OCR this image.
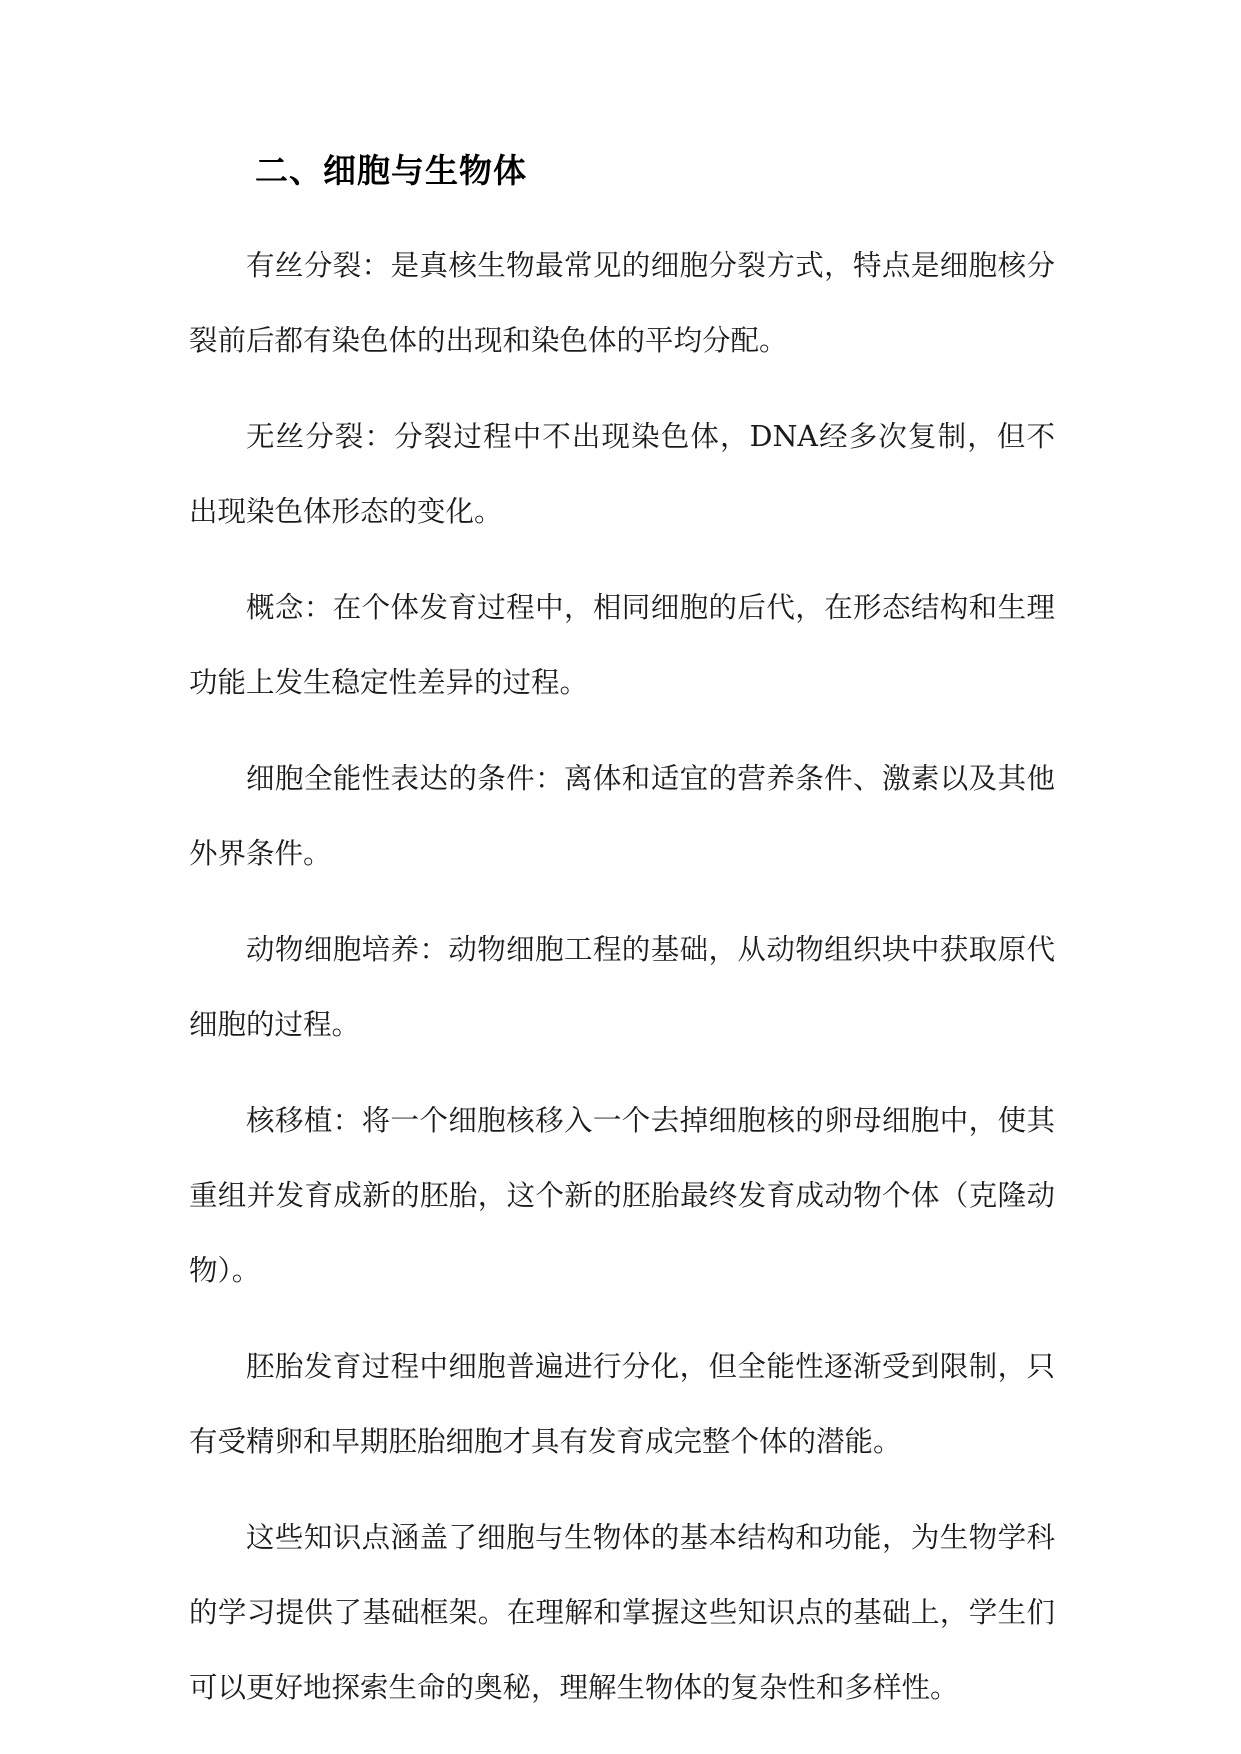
二、细胞与生物体

有丝分裂：是真核生物最常见的细胞分裂方式，特点是细胞核分裂前后都有染色体的出现和染色体的平均分配。

无丝分裂：分裂过程中不出现染色体，DNA经多次复制，但不出现染色体形态的变化。

概念：在个体发育过程中，相同细胞的后代，在形态结构和生理功能上发生稳定性差异的过程。

细胞全能性表达的条件：离体和适宜的营养条件、激素以及其他外界条件。

动物细胞培养：动物细胞工程的基础，从动物组织块中获取原代细胞的过程。

核移植：将一个细胞核移入一个去掉细胞核的卵母细胞中，使其重组并发育成新的胚胎，这个新的胚胎最终发育成动物个体（克隆动物）。

胚胎发育过程中细胞普遍进行分化，但全能性逐渐受到限制，只有受精卵和早期胚胎细胞才具有发育成完整个体的潜能。

这些知识点涵盖了细胞与生物体的基本结构和功能，为生物学科的学习提供了基础框架。在理解和掌握这些知识点的基础上，学生们可以更好地探索生命的奥秘，理解生物体的复杂性和多样性。
